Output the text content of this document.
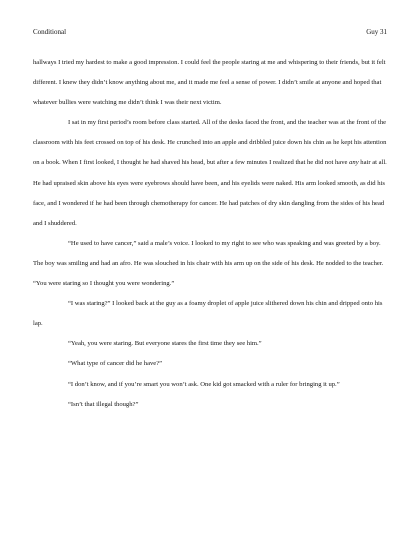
Conditional	Guy 31

hallways I tried my hardest to make a good impression. I could feel the people staring at me and whispering to their friends, but it felt different. I knew they didn’t know anything about me, and it made me feel a sense of power. I didn’t smile at anyone and hoped that whatever bullies were watching me didn’t think I was their next victim.

I sat in my first period’s room before class started. All of the desks faced the front, and the teacher was at the front of the classroom with his feet crossed on top of his desk. He crunched into an apple and dribbled juice down his chin as he kept his attention on a book. When I first looked, I thought he had shaved his head, but after a few minutes I realized that he did not have any hair at all. He had upraised skin above his eyes were eyebrows should have been, and his eyelids were naked. His arm looked smooth, as did his face, and I wondered if he had been through chemotherapy for cancer. He had patches of dry skin dangling from the sides of his head and I shuddered.

“He used to have cancer,” said a male’s voice. I looked to my right to see who was speaking and was greeted by a boy. The boy was smiling and had an afro. He was slouched in his chair with his arm up on the side of his desk. He nodded to the teacher. “You were staring so I thought you were wondering.”

“I was staring?” I looked back at the guy as a foamy droplet of apple juice slithered down his chin and dripped onto his lap.

“Yeah, you were staring. But everyone stares the first time they see him.”

“What type of cancer did he have?”

“I don’t know, and if you’re smart you won’t ask. One kid got smacked with a ruler for bringing it up.”

“Isn’t that illegal though?”
